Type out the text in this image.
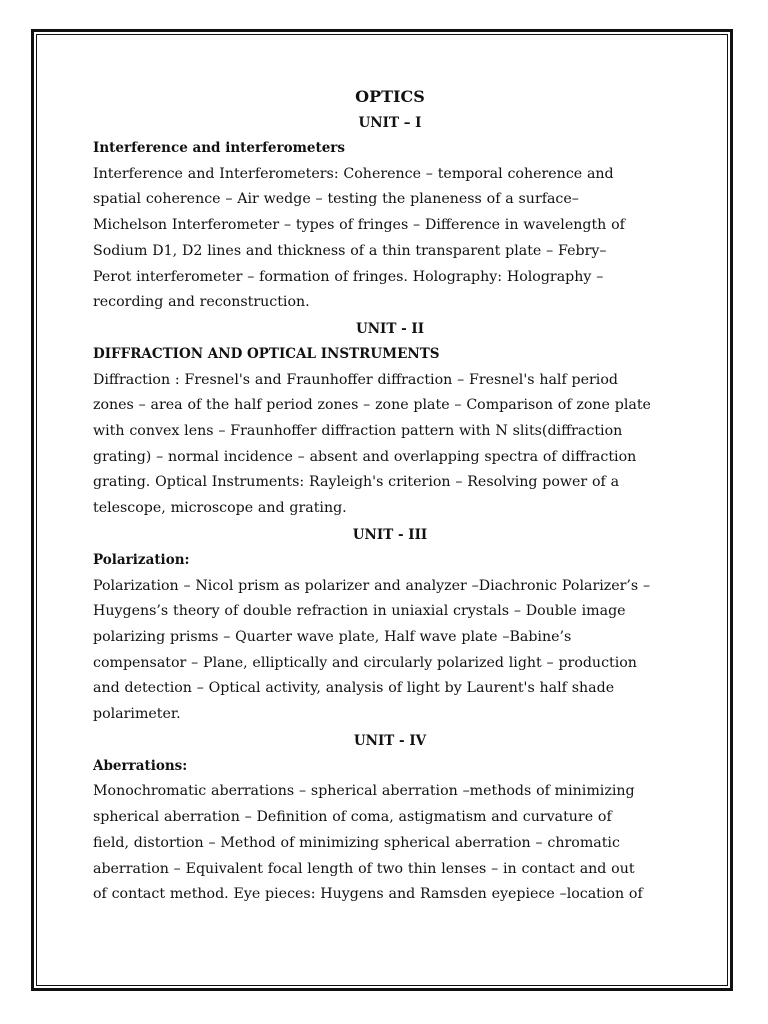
OPTICS
UNIT – I
Interference and interferometers

Interference and Interferometers: Coherence – temporal coherence and
spatial coherence – Air wedge – testing the planeness of a surface–
Michelson Interferometer – types of fringes – Difference in wavelength of
Sodium D1, D2 lines and thickness of a thin transparent plate – Febry–
Perot interferometer – formation of fringes. Holography: Holography –
recording and reconstruction.

UNIT - II
DIFFRACTION AND OPTICAL INSTRUMENTS

Diffraction : Fresnel's and Fraunhoffer diffraction – Fresnel's half period
zones – area of the half period zones – zone plate – Comparison of zone plate
with convex lens – Fraunhoffer diffraction pattern with N slits(diffraction
grating) – normal incidence – absent and overlapping spectra of diffraction
grating. Optical Instruments: Rayleigh's criterion – Resolving power of a
telescope, microscope and grating.

UNIT - III
Polarization:

Polarization – Nicol prism as polarizer and analyzer –Diachronic Polarizer’s –
Huygens’s theory of double refraction in uniaxial crystals – Double image
polarizing prisms – Quarter wave plate, Half wave plate –Babine’s
compensator – Plane, elliptically and circularly polarized light – production
and detection – Optical activity, analysis of light by Laurent's half shade
polarimeter.

UNIT - IV
Aberrations:

Monochromatic aberrations – spherical aberration –methods of minimizing
spherical aberration – Definition of coma, astigmatism and curvature of
field, distortion – Method of minimizing spherical aberration – chromatic
aberration – Equivalent focal length of two thin lenses – in contact and out
of contact method. Eye pieces: Huygens and Ramsden eyepiece –location of
